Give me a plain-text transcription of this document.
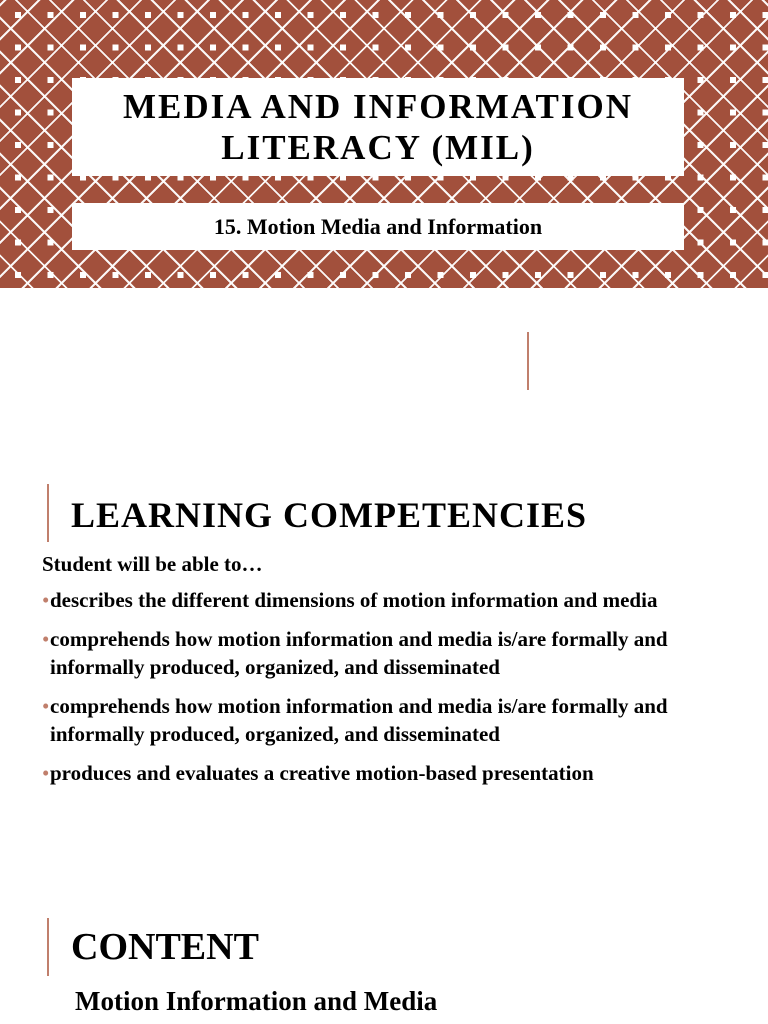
MEDIA AND INFORMATION

LITERACY (MIL)

15. Motion Media and Information
LEARNING COMPETENCIES

Student will be able to…

• describes the different dimensions of motion information and media
• comprehends how motion information and media is/are formally and informally produced, organized, and disseminated
• comprehends how motion information and media is/are formally and informally produced, organized, and disseminated
• produces and evaluates a creative motion-based presentation
CONTENT
Motion Information and Media
